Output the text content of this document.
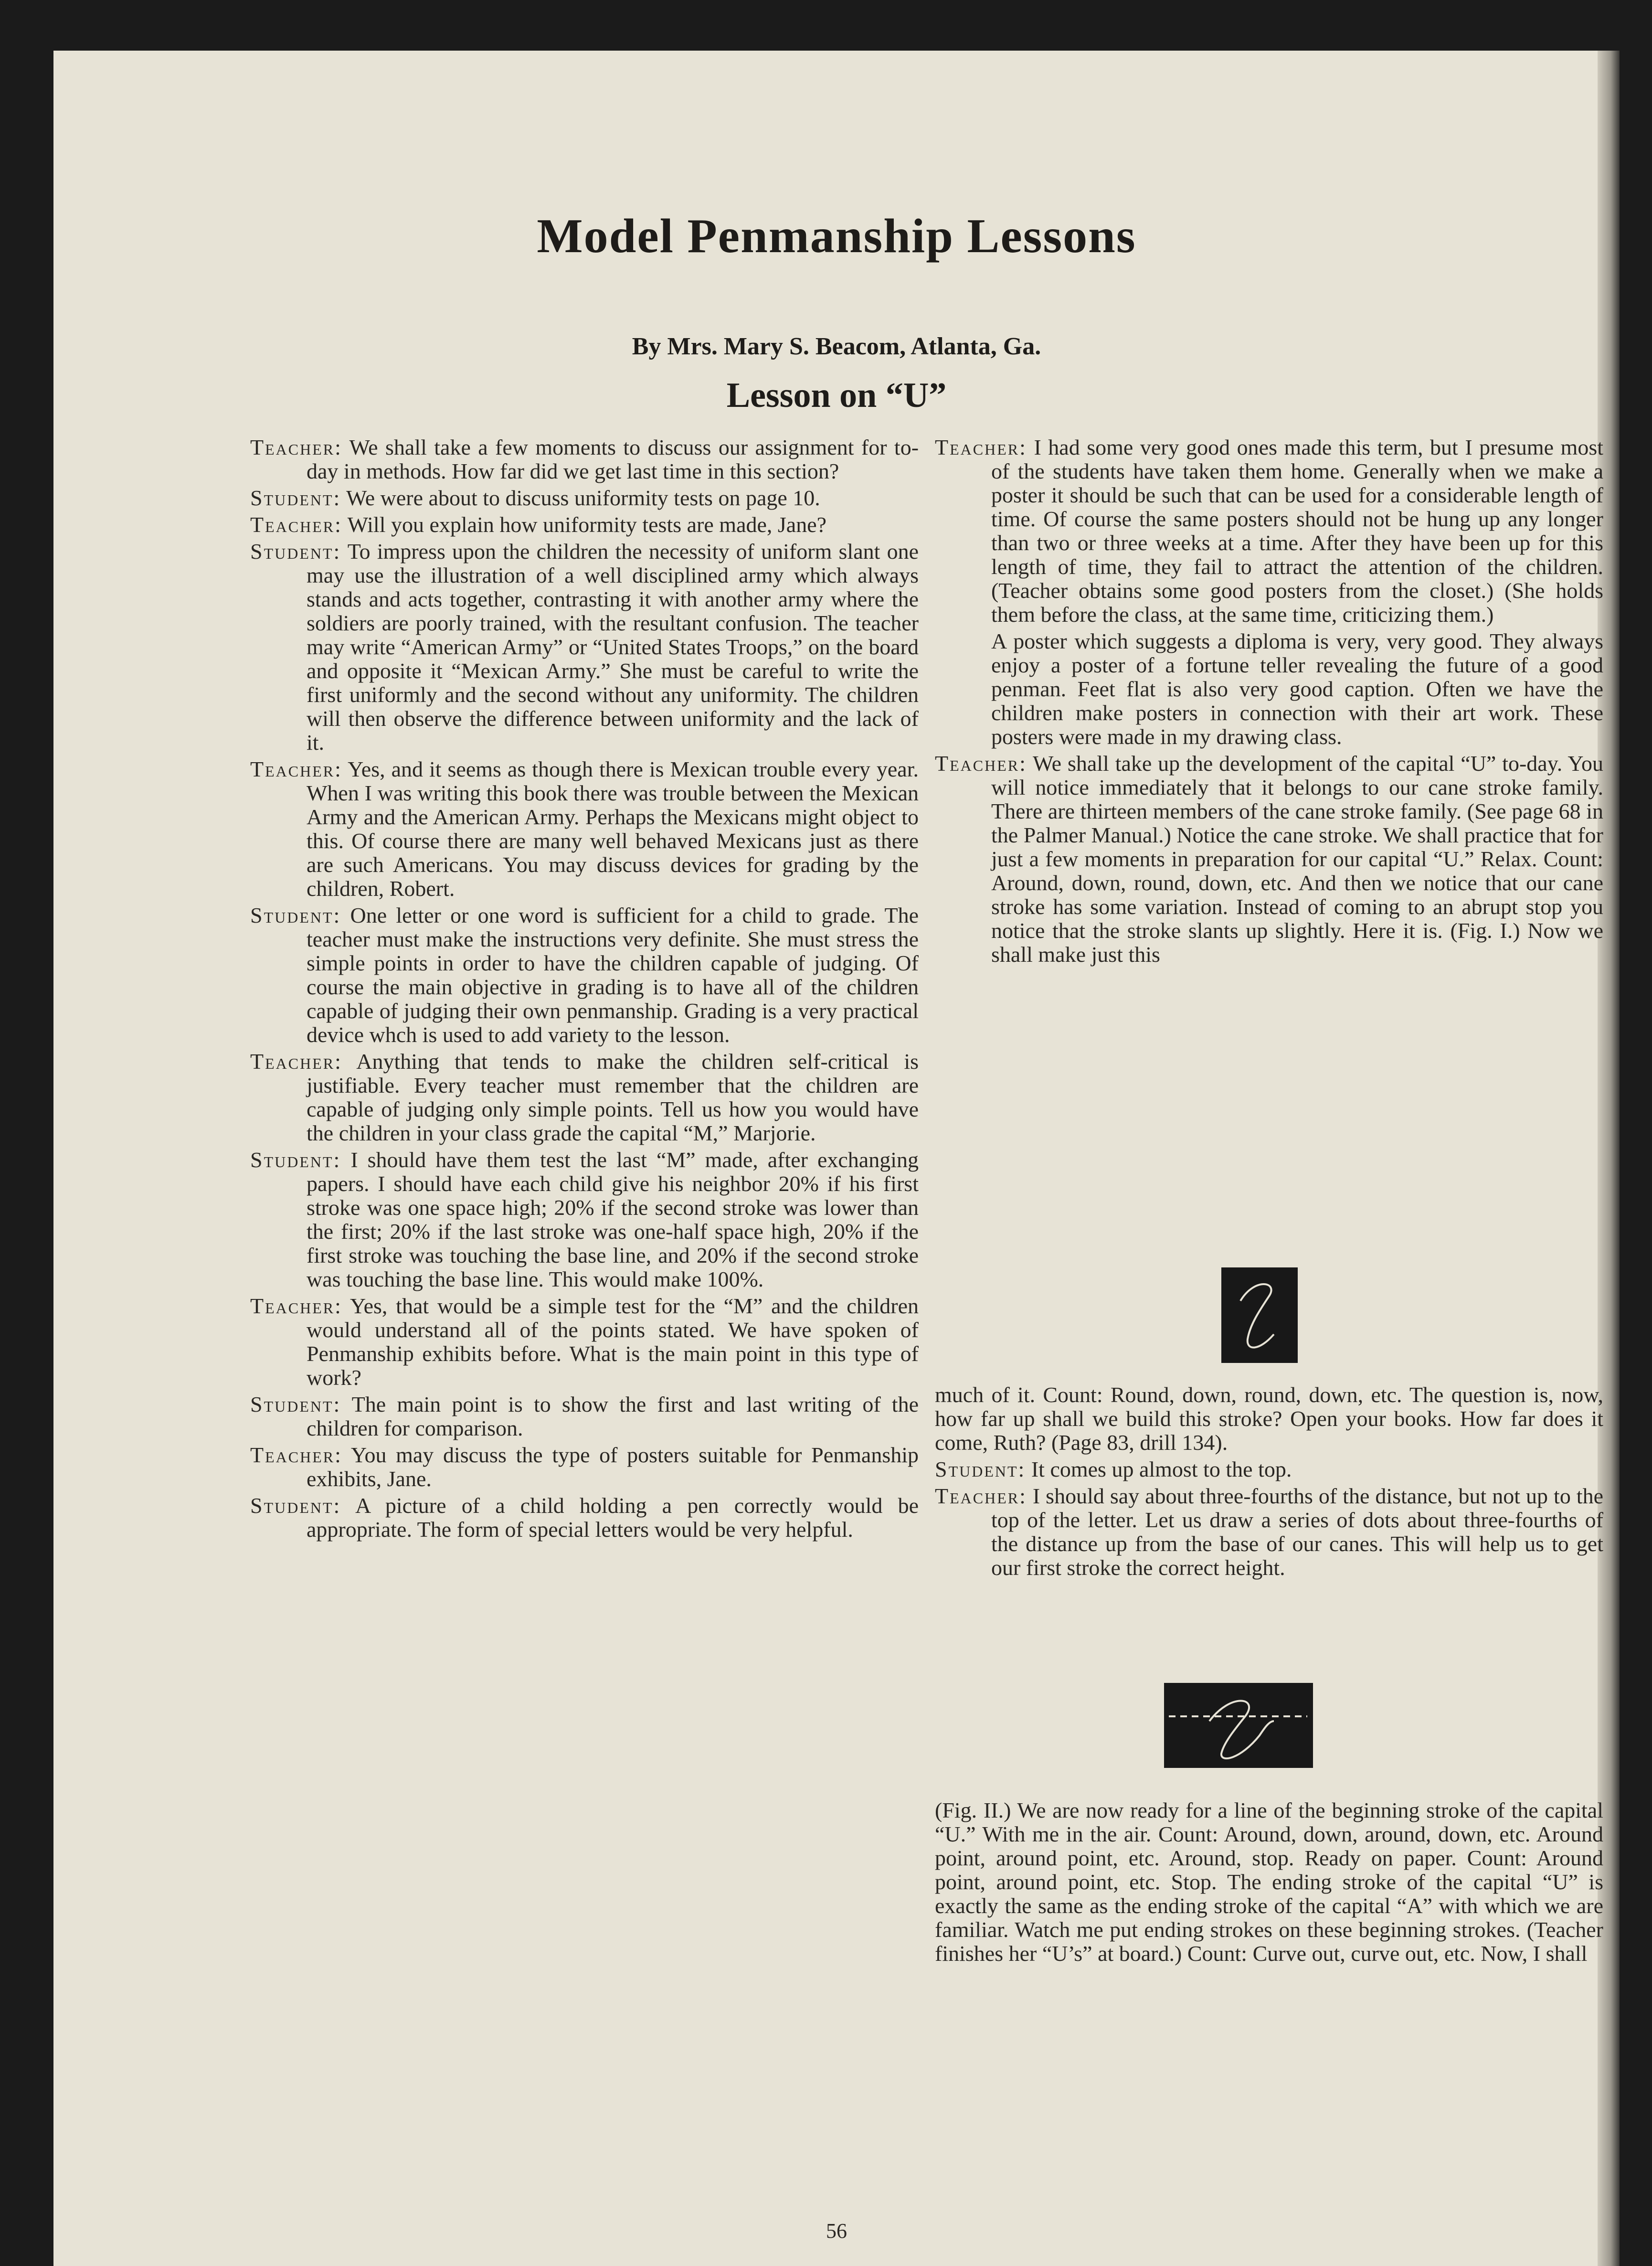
Model Penmanship Lessons
By Mrs. Mary S. Beacom, Atlanta, Ga.
Lesson on “U”

Teacher: We shall take a few moments to discuss our assignment for to-day in methods. How far did we get last time in this section?

Student: We were about to discuss uniformity tests on page 10.

Teacher: Will you explain how uniformity tests are made, Jane?

Student: To impress upon the children the necessity of uniform slant one may use the illustration of a well disciplined army which always stands and acts together, contrasting it with another army where the soldiers are poorly trained, with the resultant confusion. The teacher may write “American Army” or “United States Troops,” on the board and opposite it “Mexican Army.” She must be careful to write the first uniformly and the second without any uniformity. The children will then observe the difference between uniformity and the lack of it.

Teacher: Yes, and it seems as though there is Mexican trouble every year. When I was writing this book there was trouble between the Mexican Army and the American Army. Perhaps the Mexicans might object to this. Of course there are many well behaved Mexicans just as there are such Americans. You may discuss devices for grading by the children, Robert.

Student: One letter or one word is sufficient for a child to grade. The teacher must make the instructions very definite. She must stress the simple points in order to have the children capable of judging. Of course the main objective in grading is to have all of the children capable of judging their own penmanship. Grading is a very practical device whch is used to add variety to the lesson.

Teacher: Anything that tends to make the children self-critical is justifiable. Every teacher must remember that the children are capable of judging only simple points. Tell us how you would have the children in your class grade the capital “M,” Marjorie.

Student: I should have them test the last “M” made, after exchanging papers. I should have each child give his neighbor 20% if his first stroke was one space high; 20% if the second stroke was lower than the first; 20% if the last stroke was one-half space high, 20% if the first stroke was touching the base line, and 20% if the second stroke was touching the base line. This would make 100%.

Teacher: Yes, that would be a simple test for the “M” and the children would understand all of the points stated. We have spoken of Penmanship exhibits before. What is the main point in this type of work?

Student: The main point is to show the first and last writing of the children for comparison.

Teacher: You may discuss the type of posters suitable for Penmanship exhibits, Jane.

Student: A picture of a child holding a pen correctly would be appropriate. The form of special letters would be very helpful.

Teacher: I had some very good ones made this term, but I presume most of the students have taken them home. Generally when we make a poster it should be such that can be used for a considerable length of time. Of course the same posters should not be hung up any longer than two or three weeks at a time. After they have been up for this length of time, they fail to attract the attention of the children. (Teacher obtains some good posters from the closet.) (She holds them before the class, at the same time, criticizing them.)

A poster which suggests a diploma is very, very good. They always enjoy a poster of a fortune teller revealing the future of a good penman. Feet flat is also very good caption. Often we have the children make posters in connection with their art work. These posters were made in my drawing class.

Teacher: We shall take up the development of the capital “U” to-day. You will notice immediately that it belongs to our cane stroke family. There are thirteen members of the cane stroke family. (See page 68 in the Palmer Manual.) Notice the cane stroke. We shall practice that for just a few moments in preparation for our capital “U.” Relax. Count: Around, down, round, down, etc. And then we notice that our cane stroke has some variation. Instead of coming to an abrupt stop you notice that the stroke slants up slightly. Here it is. (Fig. I.) Now we shall make just this

much of it. Count: Round, down, round, down, etc. The question is, now, how far up shall we build this stroke? Open your books. How far does it come, Ruth? (Page 83, drill 134).

Student: It comes up almost to the top.

Teacher: I should say about three-fourths of the distance, but not up to the top of the letter. Let us draw a series of dots about three-fourths of the distance up from the base of our canes. This will help us to get our first stroke the correct height.

(Fig. II.) We are now ready for a line of the beginning stroke of the capital “U.” With me in the air. Count: Around, down, around, down, etc. Around point, around point, etc. Around, stop. Ready on paper. Count: Around point, around point, etc. Stop. The ending stroke of the capital “U” is exactly the same as the ending stroke of the capital “A” with which we are familiar. Watch me put ending strokes on these beginning strokes. (Teacher finishes her “U’s” at board.) Count: Curve out, curve out, etc. Now, I shall

56
